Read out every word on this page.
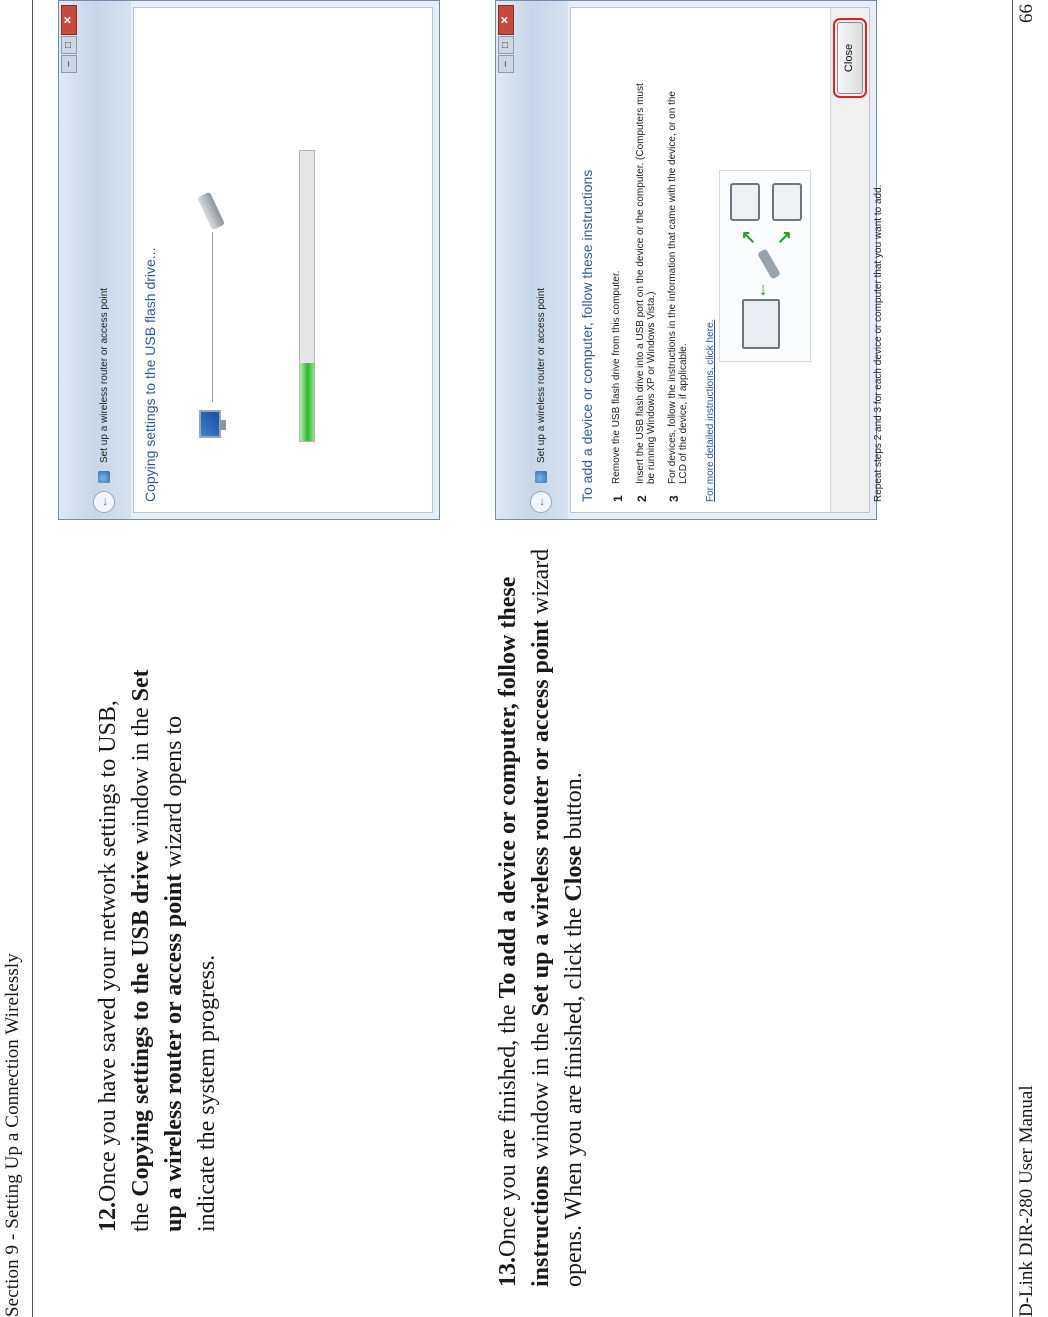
Section 9 - Setting Up a Connection Wirelessly	12.Once you have saved your network settings to USB, the Copying settings to the USB drive window in the Set up a wireless router or access point wizard opens to indicate the system progress.
13.Once you are finished, the To add a device or computer, follow these instructions window in the Set up a wireless router or access point wizard opens. When you are finished, click the Close button.
–
□
✕
←
Set up a wireless router or access point Copying settings to the USB flash drive...
–
□
✕
←
Set up a wireless router or access point To add a device or computer, follow these instructions 1
Remove the USB flash drive from this computer.
2
Insert the USB flash drive into a USB port on the device or the computer. (Computers must be running Windows XP or Windows Vista.)
3
For devices, follow the instructions in the information that came with the device, or on the LCD of the device, if applicable. For more detailed instructions, click here.
←
↗ ↘	Repeat steps 2 and 3 for each device or computer that you want to add.
Close
D-Link DIR-280 User Manual
66
